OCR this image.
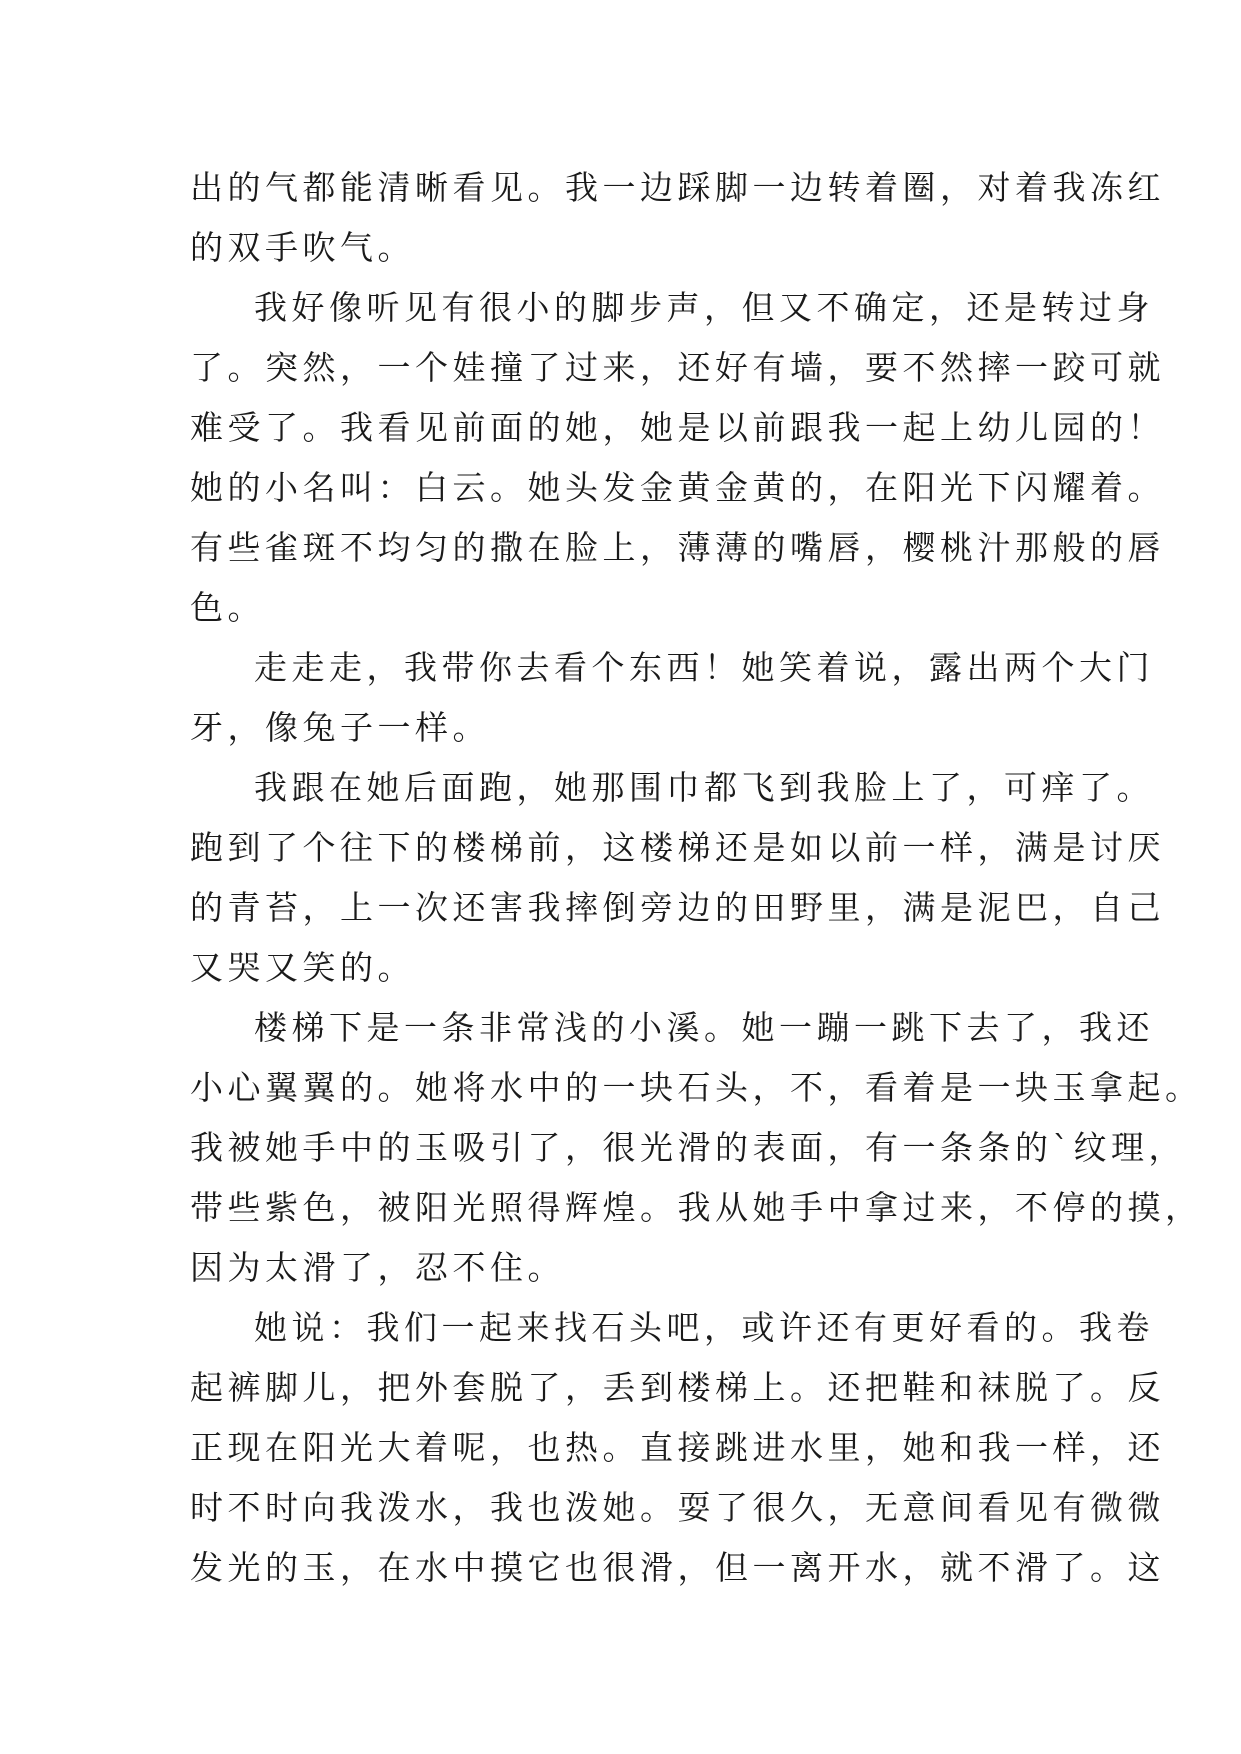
出的气都能清晰看见。我一边踩脚一边转着圈，对着我冻红
的双手吹气。
我好像听见有很小的脚步声，但又不确定，还是转过身
了。突然，一个娃撞了过来，还好有墙，要不然摔一跤可就
难受了。我看见前面的她，她是以前跟我一起上幼儿园的！
她的小名叫：白云。她头发金黄金黄的，在阳光下闪耀着。
有些雀斑不均匀的撒在脸上，薄薄的嘴唇，樱桃汁那般的唇
色。
走走走，我带你去看个东西！她笑着说，露出两个大门
牙，像兔子一样。
我跟在她后面跑，她那围巾都飞到我脸上了，可痒了。
跑到了个往下的楼梯前，这楼梯还是如以前一样，满是讨厌
的青苔，上一次还害我摔倒旁边的田野里，满是泥巴，自己
又哭又笑的。
楼梯下是一条非常浅的小溪。她一蹦一跳下去了，我还
小心翼翼的。她将水中的一块石头，不，看着是一块玉拿起。
我被她手中的玉吸引了，很光滑的表面，有一条条的`纹理，
带些紫色，被阳光照得辉煌。我从她手中拿过来，不停的摸，
因为太滑了，忍不住。
她说：我们一起来找石头吧，或许还有更好看的。我卷
起裤脚儿，把外套脱了，丢到楼梯上。还把鞋和袜脱了。反
正现在阳光大着呢，也热。直接跳进水里，她和我一样，还
时不时向我泼水，我也泼她。耍了很久，无意间看见有微微
发光的玉，在水中摸它也很滑，但一离开水，就不滑了。这
